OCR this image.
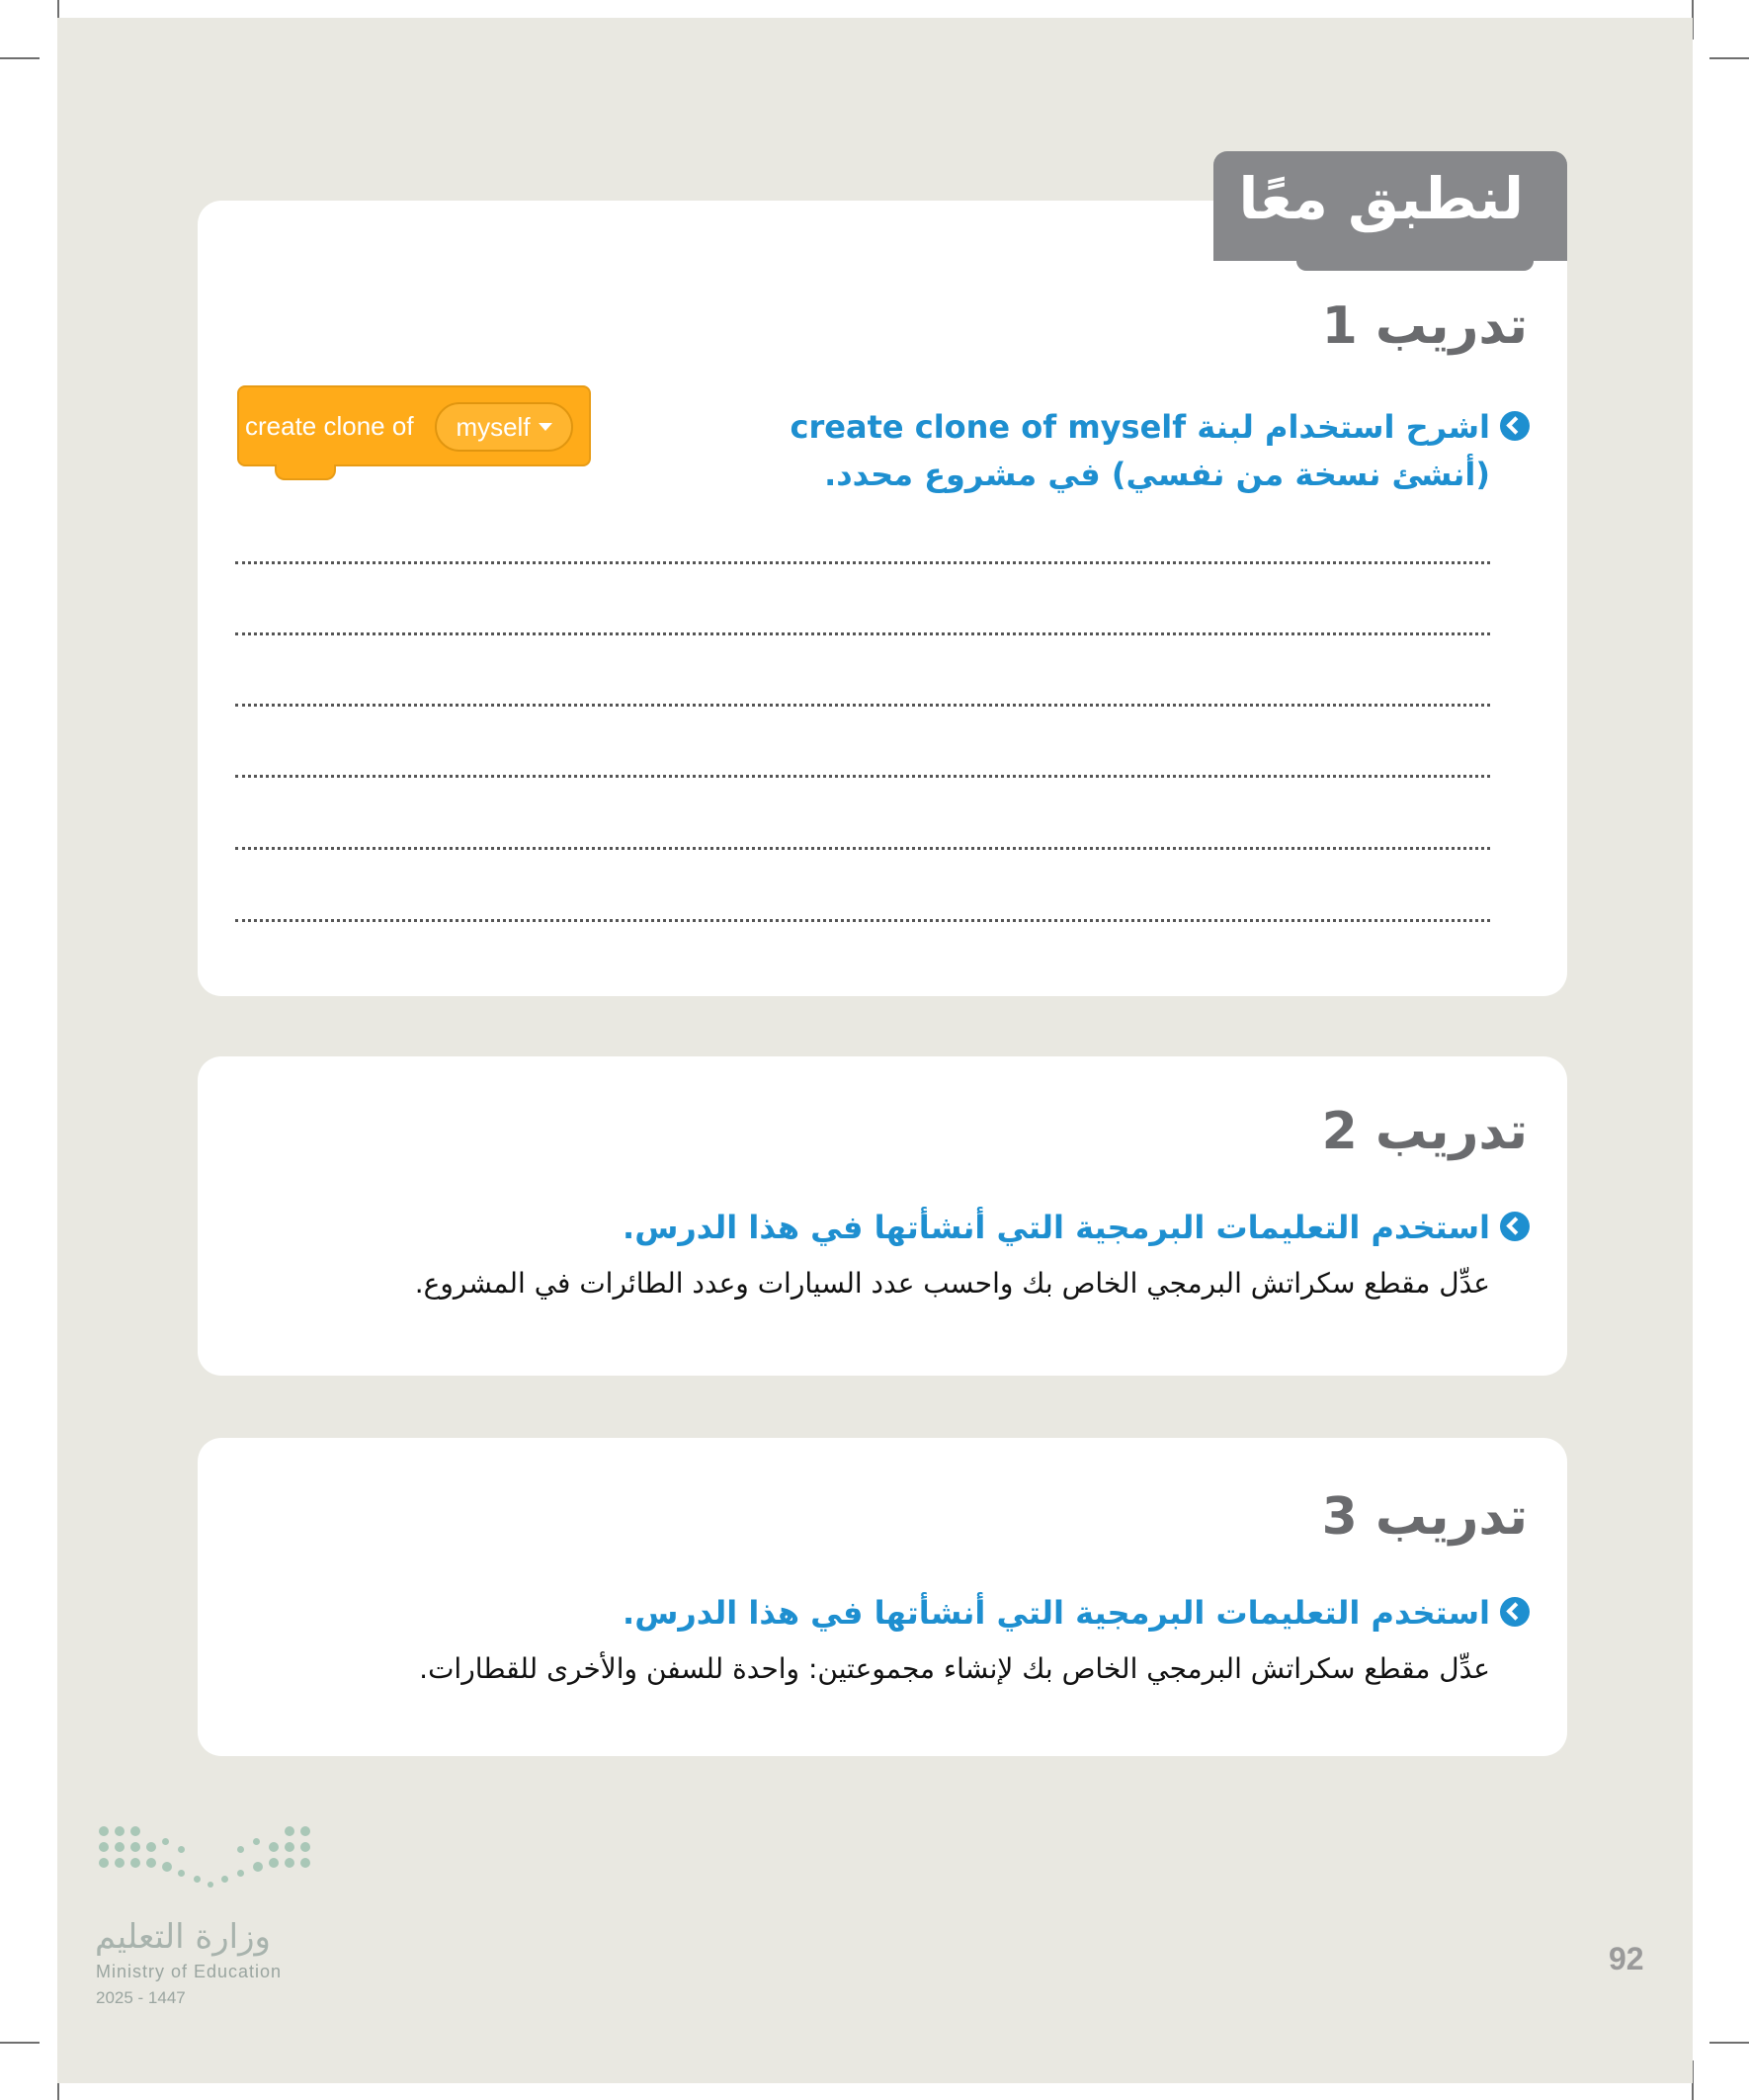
لنطبق معًا
تدريب 1
اشرح استخدام لبنة create clone of myself (أنشئ نسخة من نفسي) في مشروع محدد.
create clone of myself
تدريب 2
استخدم التعليمات البرمجية التي أنشأتها في هذا الدرس.
عدِّل مقطع سكراتش البرمجي الخاص بك واحسب عدد السيارات وعدد الطائرات في المشروع.
تدريب 3
استخدم التعليمات البرمجية التي أنشأتها في هذا الدرس.
عدِّل مقطع سكراتش البرمجي الخاص بك لإنشاء مجموعتين: واحدة للسفن والأخرى للقطارات.
وزارة التعليم
Ministry of Education
2025 - 1447
92
